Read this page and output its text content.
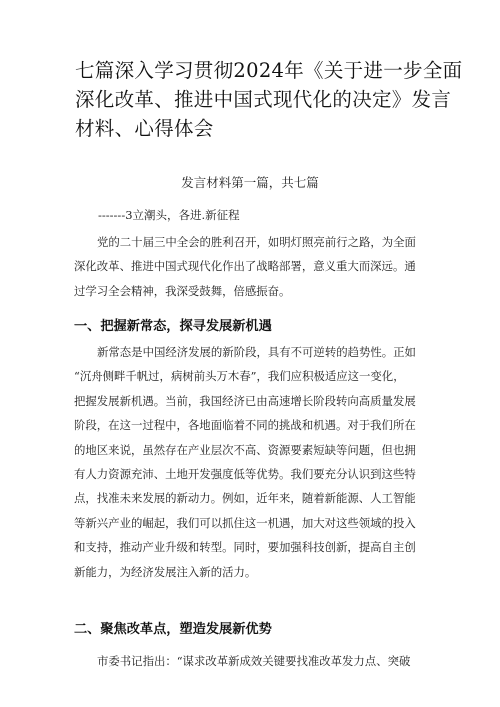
七篇深入学习贯彻2024年《关于进一步全面
深化改革、推进中国式现代化的决定》发言
材料、心得体会
发言材料第一篇，共七篇
-------3立潮头，各进.新征程

党的二十届三中全会的胜利召开，如明灯照亮前行之路，为全面
深化改革、推进中国式现代化作出了战略部署，意义重大而深远。通
过学习全会精神，我深受鼓舞，倍感振奋。

一、把握新常态，探寻发展新机遇

新常态是中国经济发展的新阶段，具有不可逆转的趋势性。正如
“沉舟侧畔千帆过，病树前头万木春”，我们应积极适应这一变化，
把握发展新机遇。当前，我国经济已由高速增长阶段转向高质量发展
阶段，在这一过程中，各地面临着不同的挑战和机遇。对于我们所在
的地区来说，虽然存在产业层次不高、资源要素短缺等问题，但也拥
有人力资源充沛、土地开发强度低等优势。我们要充分认识到这些特
点，找准未来发展的新动力。例如，近年来，随着新能源、人工智能
等新兴产业的崛起，我们可以抓住这一机遇，加大对这些领域的投入
和支持，推动产业升级和转型。同时，要加强科技创新，提高自主创
新能力，为经济发展注入新的活力。

二、聚焦改革点，塑造发展新优势

市委书记指出：“谋求改革新成效关键要找准改革发力点、突破
